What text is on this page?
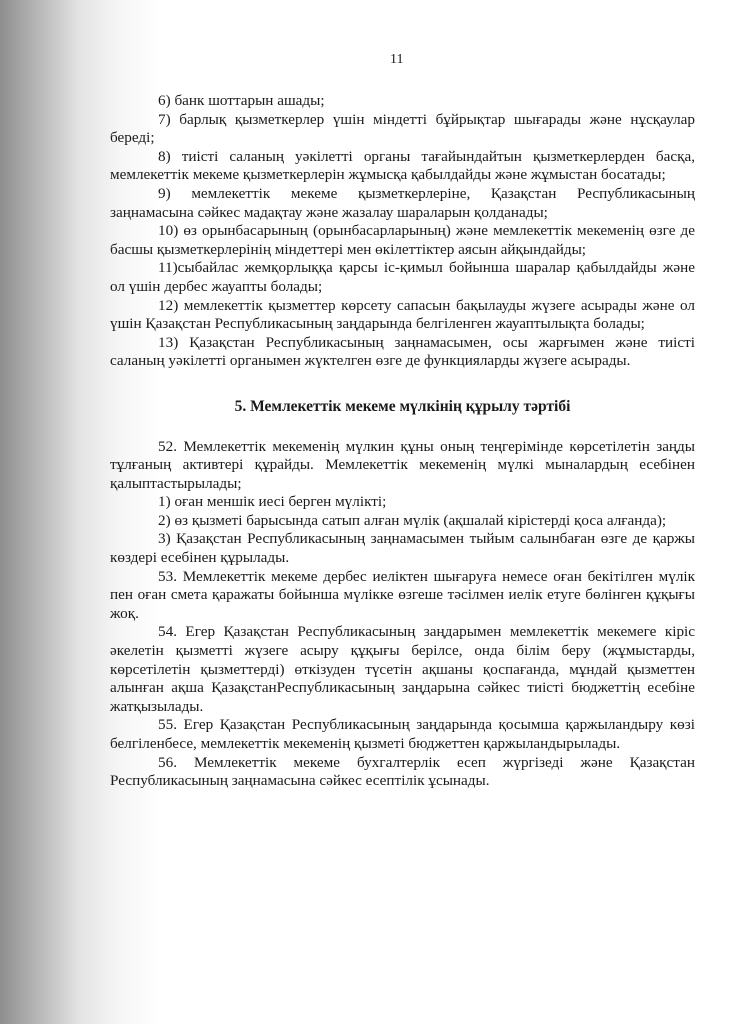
11

6) банк шоттарын ашады;

7) барлық қызметкерлер үшін міндетті бұйрықтар шығарады және нұсқаулар береді;

8) тиісті саланың уәкілетті органы тағайындайтын қызметкерлерден басқа, мемлекеттік мекеме қызметкерлерін жұмысқа қабылдайды және жұмыстан босатады;

9) мемлекеттік мекеме қызметкерлеріне, Қазақстан Республикасының заңнамасына сәйкес мадақтау және жазалау шараларын қолданады;

10) өз орынбасарының (орынбасарларының) және мемлекеттік мекеменің өзге де басшы қызметкерлерінің міндеттері мен өкілеттіктер аясын айқындайды;

11)сыбайлас жемқорлыққа қарсы іс-қимыл бойынша шаралар қабылдайды және ол үшін дербес жауапты болады;

12) мемлекеттік қызметтер көрсету сапасын бақылауды жүзеге асырады және ол үшін Қазақстан Республикасының заңдарында белгіленген жауаптылықта болады;

13) Қазақстан Республикасының заңнамасымен, осы жарғымен және тиісті саланың уәкілетті органымен жүктелген өзге де функцияларды жүзеге асырады.

5. Мемлекеттік мекеме мүлкінің құрылу тәртібі

52. Мемлекеттік мекеменің мүлкин құны оның теңгерімінде көрсетілетін заңды тұлғаның активтері құрайды. Мемлекеттік мекеменің мүлкі мыналардың есебінен қалыптастырылады;

1) оған меншік иесі берген мүлікті;

2) өз қызметі барысында сатып алған мүлік (ақшалай кірістерді қоса алғанда);

3) Қазақстан Республикасының заңнамасымен тыйым салынбаған өзге де қаржы көздері есебінен құрылады.

53. Мемлекеттік мекеме дербес иеліктен шығаруға немесе оған бекітілген мүлік пен оған смета қаражаты бойынша мүлікке өзгеше тәсілмен иелік етуге бөлінген құқығы жоқ.

54. Егер Қазақстан Республикасының заңдарымен мемлекеттік мекемеге кіріс әкелетін қызметті жүзеге асыру құқығы берілсе, онда білім беру (жұмыстарды, көрсетілетін қызметтерді) өткізуден түсетін ақшаны қоспағанда, мұндай қызметтен алынған ақша ҚазақстанРеспубликасының заңдарына сәйкес тиісті бюджеттің есебіне жатқызылады.

55. Егер Қазақстан Республикасының заңдарында қосымша қаржыландыру көзі белгіленбесе, мемлекеттік мекеменің қызметі бюджеттен қаржыландырылады.

56. Мемлекеттік мекеме бухгалтерлік есеп жүргізеді және Қазақстан Республикасының заңнамасына сәйкес есептілік ұсынады.
